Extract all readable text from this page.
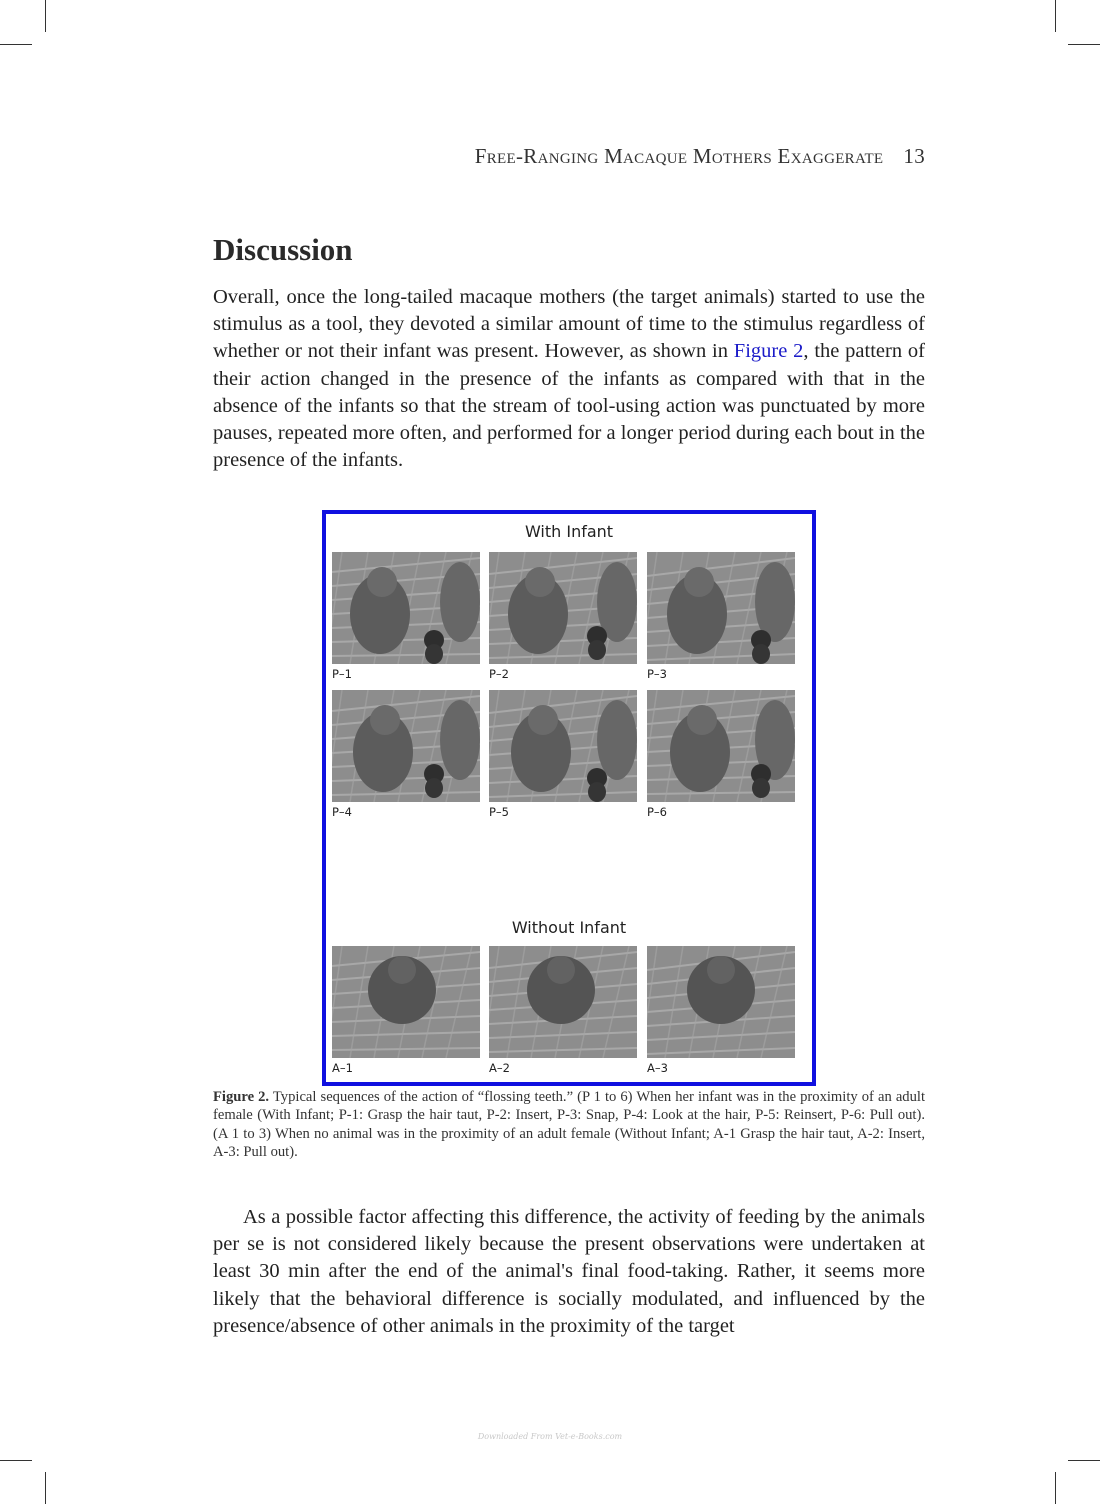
Free-Ranging Macaque Mothers Exaggerate 13
Discussion

Overall, once the long-tailed macaque mothers (the target animals) started to use the stimulus as a tool, they devoted a similar amount of time to the stimulus regardless of whether or not their infant was present. However, as shown in Figure 2, the pattern of their action changed in the presence of the infants as compared with that in the absence of the infants so that the stream of tool-using action was punctuated by more pauses, repeated more often, and performed for a longer period during each bout in the presence of the infants.

With Infant
P–1	P–2	P–3
P–4	P–5	P–6
Without Infant
A–1	A–2	A–3

Figure 2. Typical sequences of the action of “flossing teeth.” (P 1 to 6) When her infant was in the proximity of an adult female (With Infant; P-1: Grasp the hair taut, P-2: Insert, P-3: Snap, P-4: Look at the hair, P-5: Reinsert, P-6: Pull out). (A 1 to 3) When no animal was in the proximity of an adult female (Without Infant; A-1 Grasp the hair taut, A-2: Insert, A-3: Pull out).

As a possible factor affecting this difference, the activity of feeding by the animals per se is not considered likely because the present observations were undertaken at least 30 min after the end of the animal's final food-taking. Rather, it seems more likely that the behavioral difference is socially modulated, and influenced by the presence/absence of other animals in the proximity of the target

Downloaded From Vet-e-Books.com
